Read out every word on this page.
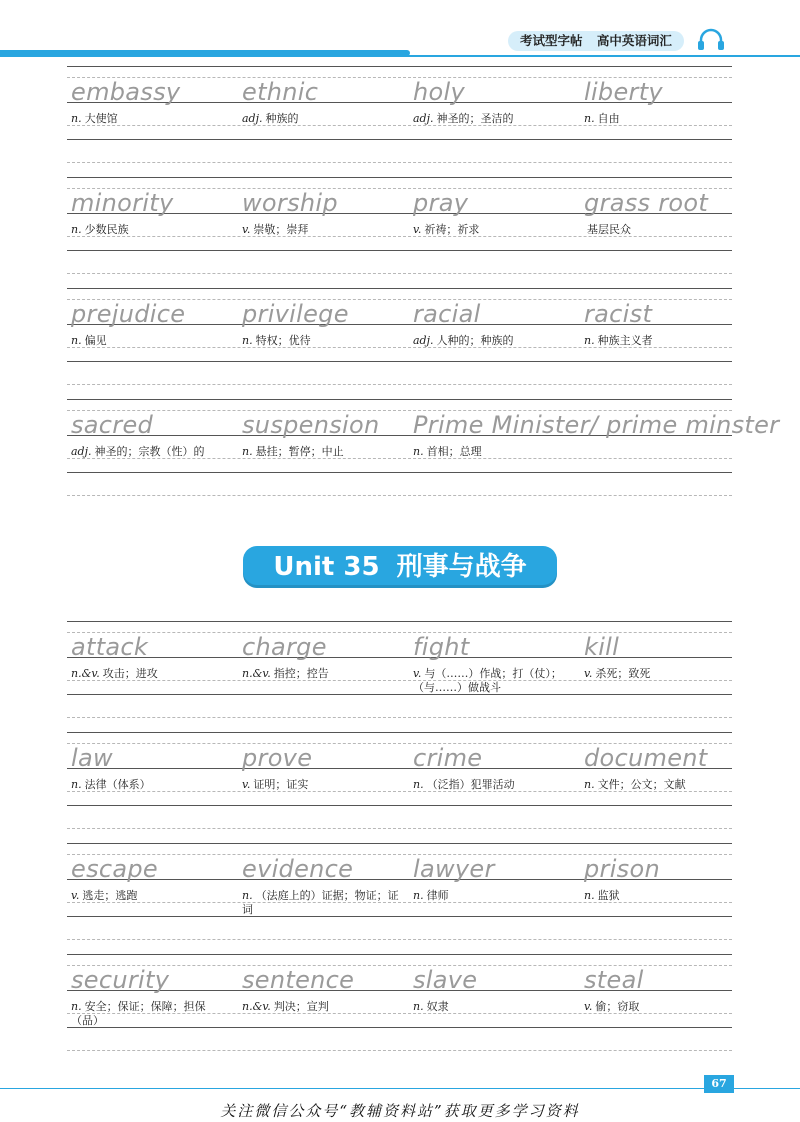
考试型字帖 高中英语词汇
embassy
n. 大使馆
ethnic
adj. 种族的
holy
adj. 神圣的；圣洁的
liberty
n. 自由
minority
n. 少数民族
worship
v. 崇敬；崇拜
pray
v. 祈祷；祈求
grass root
基层民众
prejudice
n. 偏见
privilege
n. 特权；优待
racial
adj. 人种的；种族的
racist
n. 种族主义者
sacred
adj. 神圣的；宗教（性）的
suspension
n. 悬挂；暂停；中止
Prime Minister/ prime minster
n. 首相；总理
Unit 35 刑事与战争
attack
n.&v. 攻击；进攻
charge
n.&v. 指控；控告
fight
v. 与（……）作战；打（仗）；（与……）做战斗
kill
v. 杀死；致死
law
n. 法律（体系）
prove
v. 证明；证实
crime
n. （泛指）犯罪活动
document
n. 文件；公文；文献
escape
v. 逃走；逃跑
evidence
n. （法庭上的）证据；物证；证词
lawyer
n. 律师
prison
n. 监狱
security
n. 安全；保证；保障；担保（品）
sentence
n.&v. 判决；宣判
slave
n. 奴隶
steal
v. 偷；窃取
67
关注微信公众号“教辅资料站”获取更多学习资料
